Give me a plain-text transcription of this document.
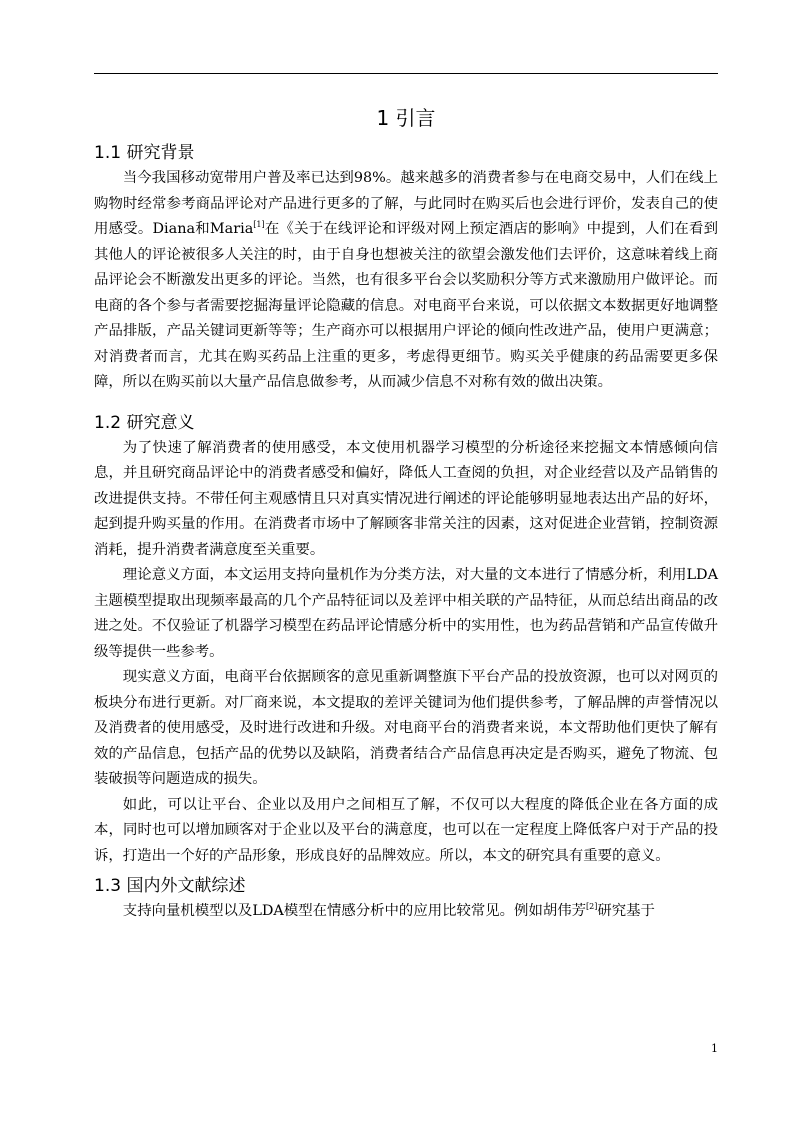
1 引言
1.1 研究背景

当今我国移动宽带用户普及率已达到98%。越来越多的消费者参与在电商交易中，人们在线上购物时经常参考商品评论对产品进行更多的了解，与此同时在购买后也会进行评价，发表自己的使用感受。Diana和Maria[1]在《关于在线评论和评级对网上预定酒店的影响》中提到，人们在看到其他人的评论被很多人关注的时，由于自身也想被关注的欲望会激发他们去评价，这意味着线上商品评论会不断激发出更多的评论。当然，也有很多平台会以奖励积分等方式来激励用户做评论。而电商的各个参与者需要挖掘海量评论隐藏的信息。对电商平台来说，可以依据文本数据更好地调整产品排版，产品关键词更新等等；生产商亦可以根据用户评论的倾向性改进产品，使用户更满意；对消费者而言，尤其在购买药品上注重的更多，考虑得更细节。购买关乎健康的药品需要更多保障，所以在购买前以大量产品信息做参考，从而减少信息不对称有效的做出决策。

1.2 研究意义

为了快速了解消费者的使用感受，本文使用机器学习模型的分析途径来挖掘文本情感倾向信息，并且研究商品评论中的消费者感受和偏好，降低人工查阅的负担，对企业经营以及产品销售的改进提供支持。不带任何主观感情且只对真实情况进行阐述的评论能够明显地表达出产品的好坏，起到提升购买量的作用。在消费者市场中了解顾客非常关注的因素，这对促进企业营销，控制资源消耗，提升消费者满意度至关重要。

理论意义方面，本文运用支持向量机作为分类方法，对大量的文本进行了情感分析，利用LDA主题模型提取出现频率最高的几个产品特征词以及差评中相关联的产品特征，从而总结出商品的改进之处。不仅验证了机器学习模型在药品评论情感分析中的实用性，也为药品营销和产品宣传做升级等提供一些参考。

现实意义方面，电商平台依据顾客的意见重新调整旗下平台产品的投放资源，也可以对网页的板块分布进行更新。对厂商来说，本文提取的差评关键词为他们提供参考，了解品牌的声誉情况以及消费者的使用感受，及时进行改进和升级。对电商平台的消费者来说，本文帮助他们更快了解有效的产品信息，包括产品的优势以及缺陷，消费者结合产品信息再决定是否购买，避免了物流、包装破损等问题造成的损失。

如此，可以让平台、企业以及用户之间相互了解，不仅可以大程度的降低企业在各方面的成本，同时也可以增加顾客对于企业以及平台的满意度，也可以在一定程度上降低客户对于产品的投诉，打造出一个好的产品形象，形成良好的品牌效应。所以，本文的研究具有重要的意义。

1.3 国内外文献综述

支持向量机模型以及LDA模型在情感分析中的应用比较常见。例如胡伟芳[2]研究基于

1
